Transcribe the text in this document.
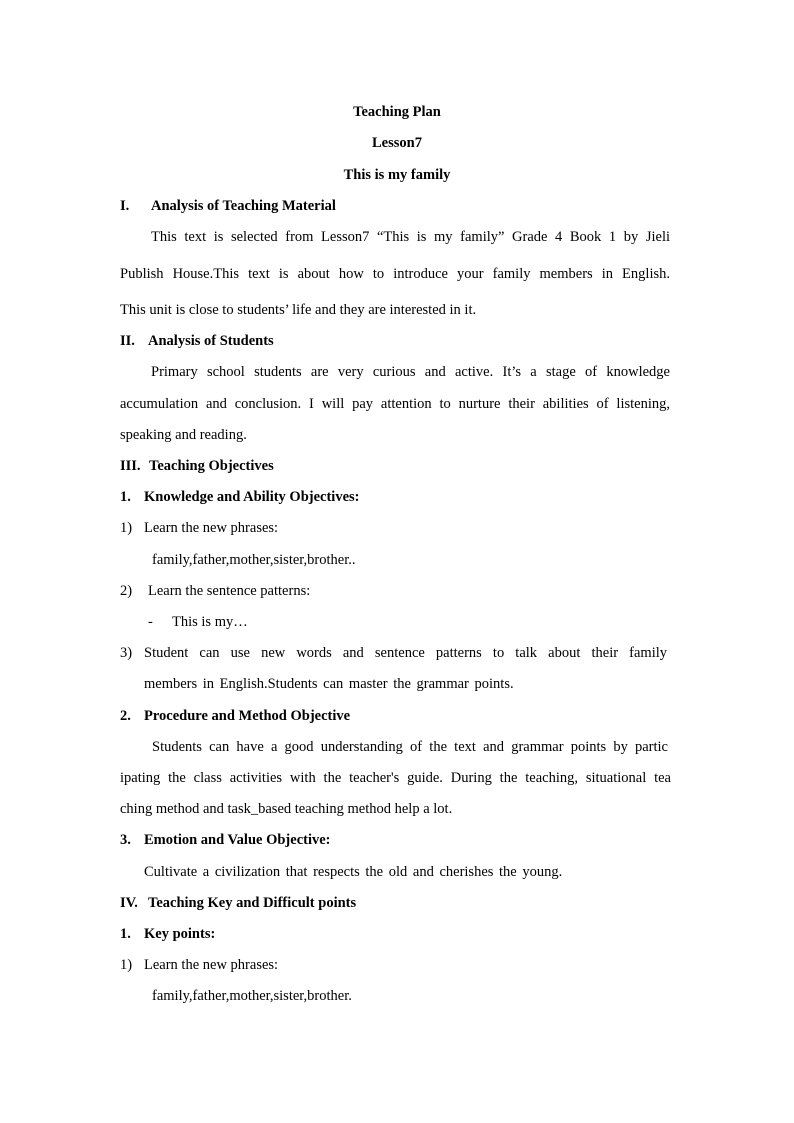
Teaching Plan
Lesson7
This is my family
I. Analysis of Teaching Material
This text is selected from Lesson7 “This is my family” Grade 4 Book 1 by Jieli
Publish House.This text is about how to introduce your family members in English.
This unit is close to students’ life and they are interested in it.
II. Analysis of Students
Primary school students are very curious and active. It’s a stage of knowledge
accumulation and conclusion. I will pay attention to nurture their abilities of listening,
speaking and reading.
III. Teaching Objectives
1. Knowledge and Ability Objectives:
1) Learn the new phrases:
family,father,mother,sister,brother..
2) Learn the sentence patterns:
- This is my…
3) Student can use new words and sentence patterns to talk about their family
members in English.Students can master the grammar points.
2. Procedure and Method Objective
Students can have a good understanding of the text and grammar points by partic
ipating the class activities with the teacher's guide. During the teaching, situational tea
ching method and task_based teaching method help a lot.
3. Emotion and Value Objective:
Cultivate a civilization that respects the old and cherishes the young.
IV. Teaching Key and Difficult points
1. Key points:
1) Learn the new phrases:
family,father,mother,sister,brother.
